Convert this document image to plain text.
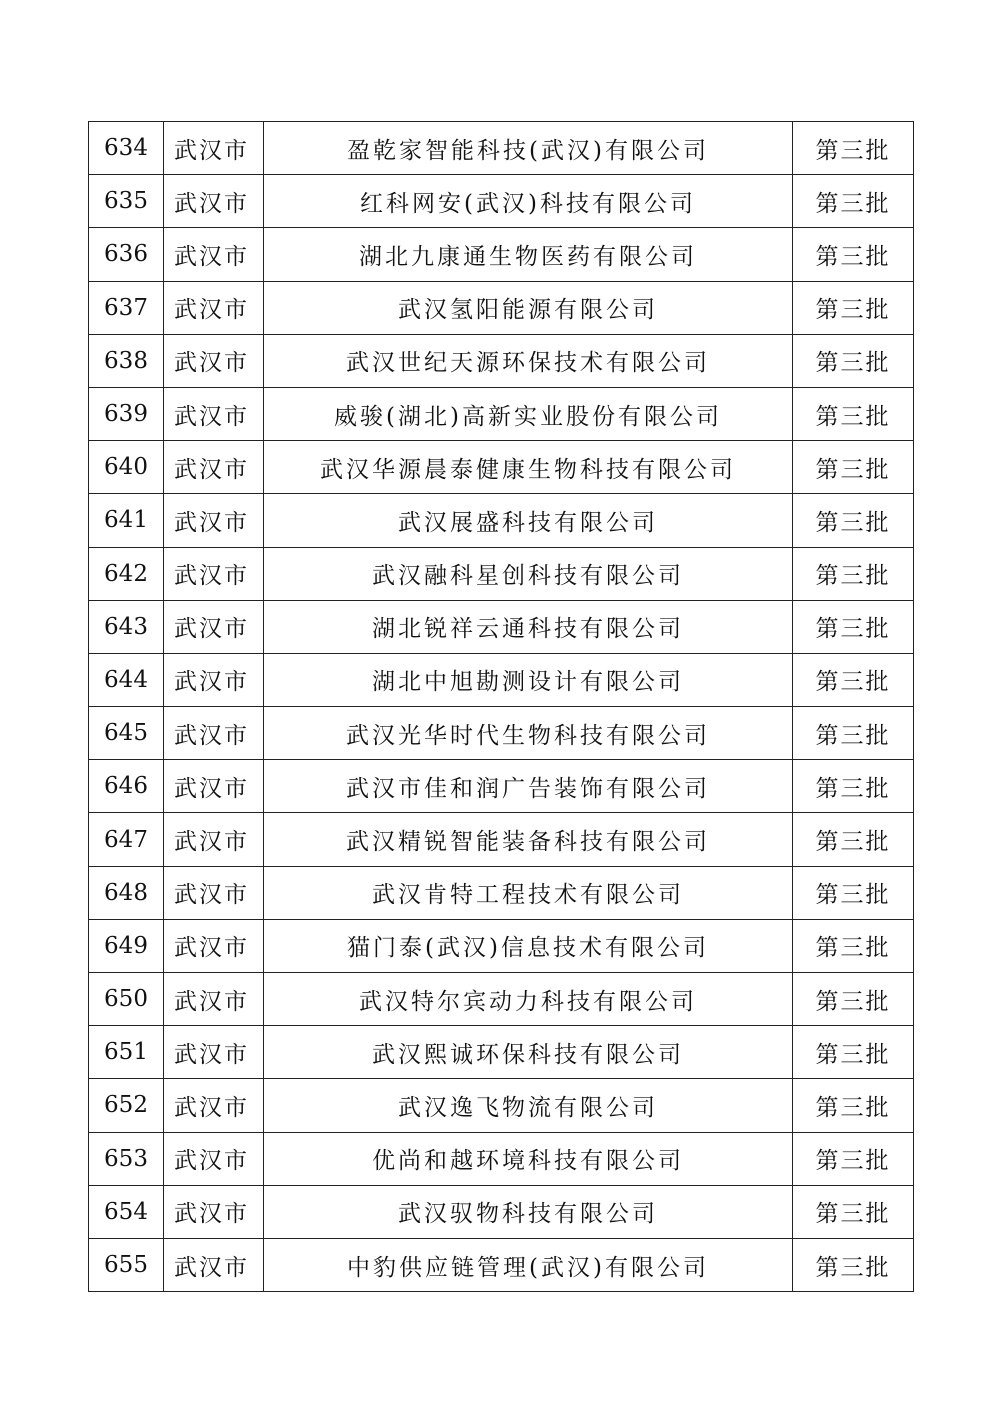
634	武汉市	盈乾家智能科技(武汉)有限公司	第三批
635	武汉市	红科网安(武汉)科技有限公司	第三批
636	武汉市	湖北九康通生物医药有限公司	第三批
637	武汉市	武汉氢阳能源有限公司	第三批
638	武汉市	武汉世纪天源环保技术有限公司	第三批
639	武汉市	威骏(湖北)高新实业股份有限公司	第三批
640	武汉市	武汉华源晨泰健康生物科技有限公司	第三批
641	武汉市	武汉展盛科技有限公司	第三批
642	武汉市	武汉融科星创科技有限公司	第三批
643	武汉市	湖北锐祥云通科技有限公司	第三批
644	武汉市	湖北中旭勘测设计有限公司	第三批
645	武汉市	武汉光华时代生物科技有限公司	第三批
646	武汉市	武汉市佳和润广告装饰有限公司	第三批
647	武汉市	武汉精锐智能装备科技有限公司	第三批
648	武汉市	武汉肯特工程技术有限公司	第三批
649	武汉市	猫门泰(武汉)信息技术有限公司	第三批
650	武汉市	武汉特尔宾动力科技有限公司	第三批
651	武汉市	武汉熙诚环保科技有限公司	第三批
652	武汉市	武汉逸飞物流有限公司	第三批
653	武汉市	优尚和越环境科技有限公司	第三批
654	武汉市	武汉驭物科技有限公司	第三批
655	武汉市	中豹供应链管理(武汉)有限公司	第三批
